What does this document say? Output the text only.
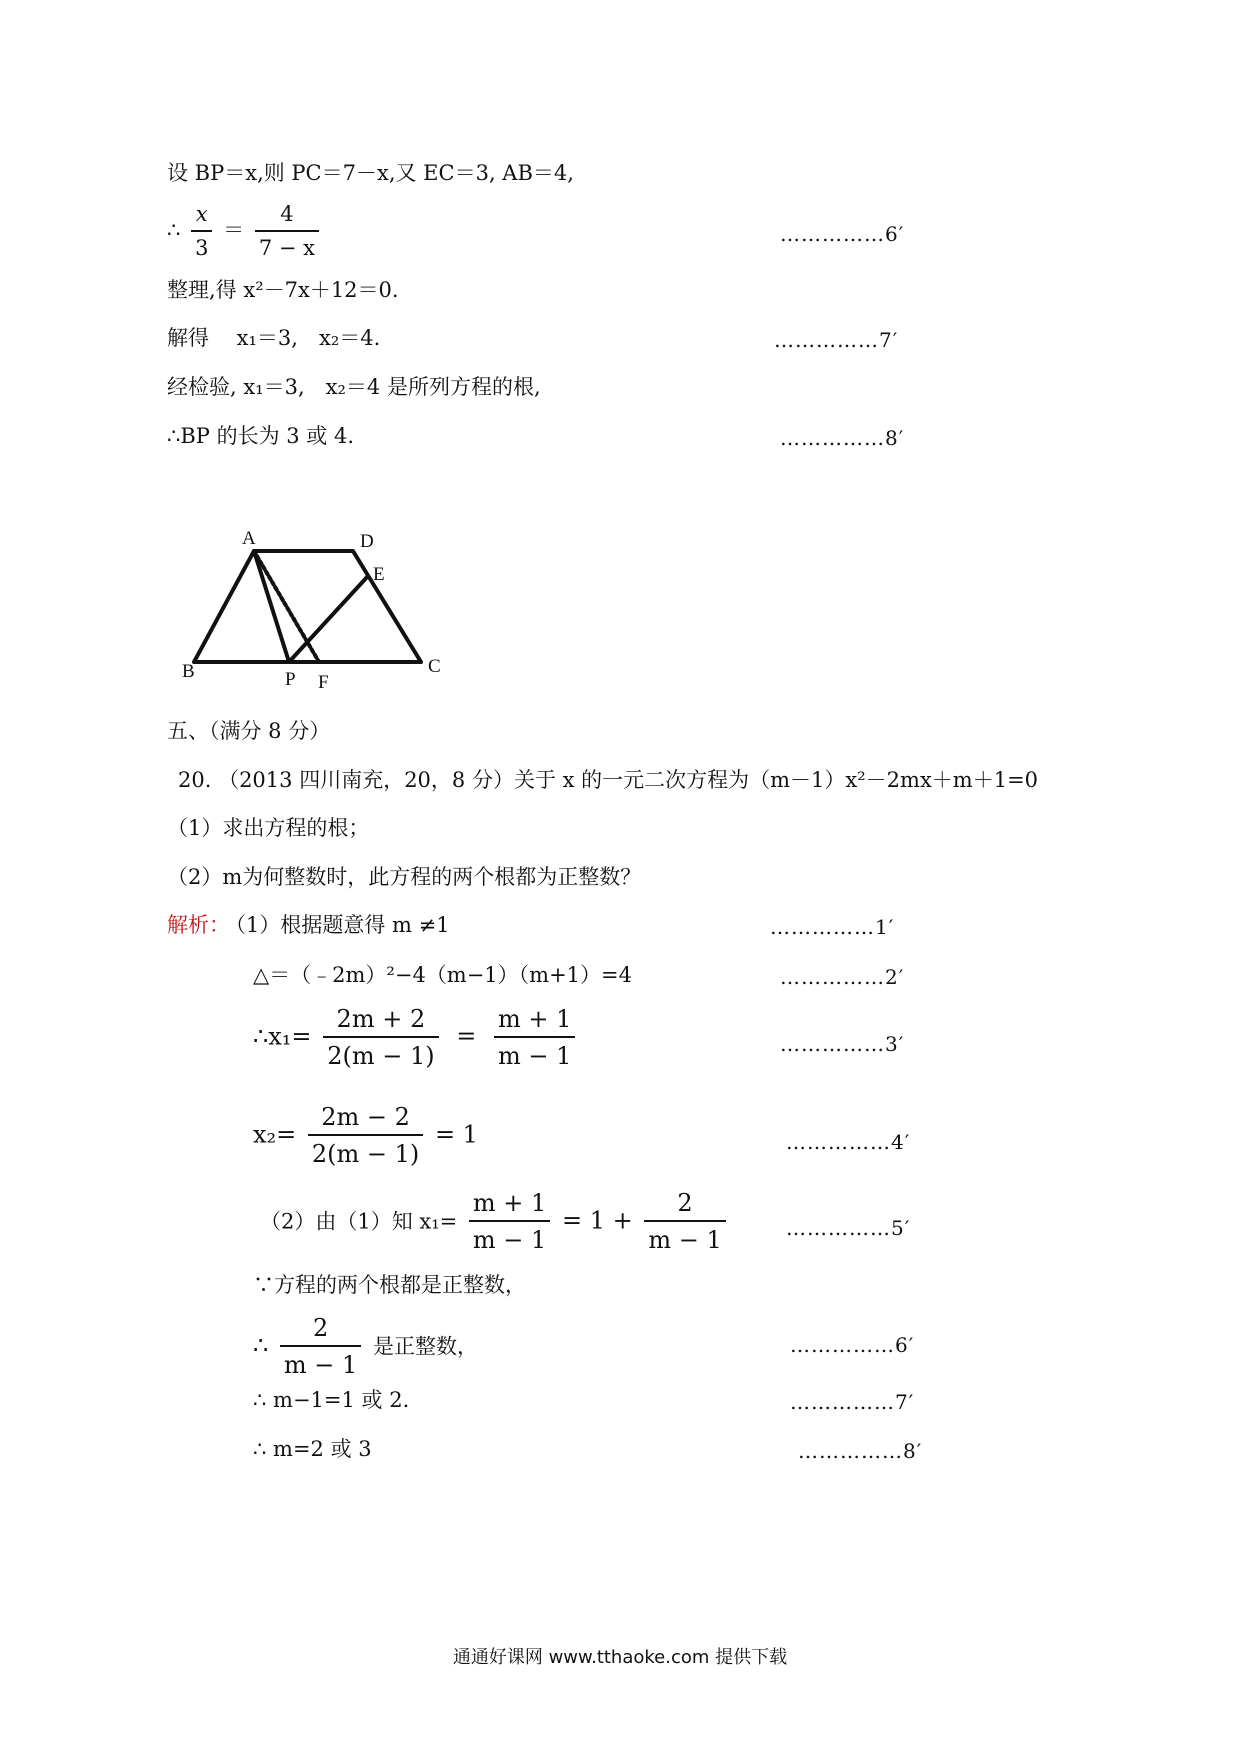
设 BP＝x,则 PC＝7－x,又 EC＝3, AB＝4,
∴ $\frac{x}{3} = \frac{4}{7 - x}$	……………6′
整理,得 x²－7x＋12＝0.
解得　 x₁＝3,　x₂＝4.	……………7′
经检验, x₁＝3,　x₂＝4 是所列方程的根,
∴BP 的长为 3 或 4.	……………8′
A	D
E
B	C
P F
五、（满分 8 分）
20. （2013 四川南充，20，8 分）关于 x 的一元二次方程为（m－1）x²－2mx＋m＋1=0
（1）求出方程的根；
（2）m为何整数时，此方程的两个根都为正整数？
解析：
（1）根据题意得 m ≠1	……………1′
△＝（﹣2m）²−4（m−1）（m+1）=4	……………2′
∴x₁= $\frac{2m + 2}{2(m - 1)} = \frac{m + 1}{m - 1}$	……………3′
$x_2= \frac{2m - 2}{2(m - 1)} = 1$	……………4′
（2）由（1）知 $x_1= \frac{m + 1}{m - 1} = 1 + \frac{2}{m - 1}$	……………5′
∵方程的两个根都是正整数，
∴ $\frac{2}{m - 1}$ 是正整数，	……………6′
∴ m−1=1 或 2.	……………7′
∴ m=2 或 3	……………8′
通通好课网 www.tthaoke.com 提供下载
